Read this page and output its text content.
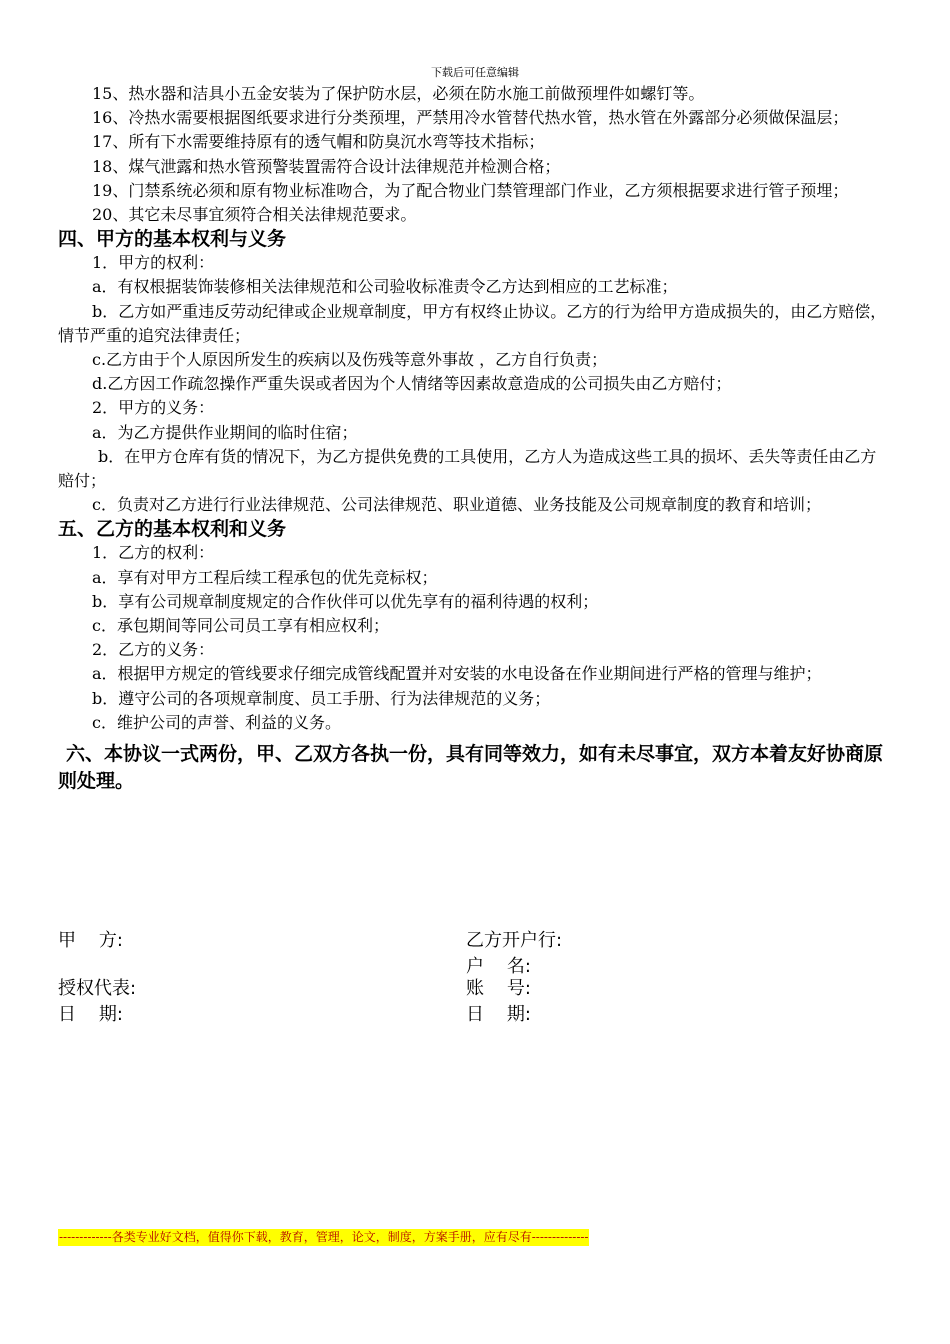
下载后可任意编辑

15、热水器和洁具小五金安装为了保护防水层，必须在防水施工前做预埋件如螺钉等。

16、冷热水需要根据图纸要求进行分类预埋，严禁用冷水管替代热水管，热水管在外露部分必须做保温层；

17、所有下水需要维持原有的透气帽和防臭沉水弯等技术指标；

18、煤气泄露和热水管预警装置需符合设计法律规范并检测合格；

19、门禁系统必须和原有物业标准吻合，为了配合物业门禁管理部门作业，乙方须根据要求进行管子预埋；

20、其它未尽事宜须符合相关法律规范要求。

四、甲方的基本权利与义务

1．甲方的权利：

a．有权根据装饰装修相关法律规范和公司验收标准责令乙方达到相应的工艺标准；

b．乙方如严重违反劳动纪律或企业规章制度，甲方有权终止协议。乙方的行为给甲方造成损失的，由乙方赔偿，情节严重的追究法律责任；

c.乙方由于个人原因所发生的疾病以及伤残等意外事故 ，乙方自行负责；

d.乙方因工作疏忽操作严重失误或者因为个人情绪等因素故意造成的公司损失由乙方赔付；

2．甲方的义务：

a．为乙方提供作业期间的临时住宿；

b．在甲方仓库有货的情况下，为乙方提供免费的工具使用，乙方人为造成这些工具的损坏、丢失等责任由乙方赔付；

c．负责对乙方进行行业法律规范、公司法律规范、职业道德、业务技能及公司规章制度的教育和培训；

五、乙方的基本权利和义务

1．乙方的权利：

a．享有对甲方工程后续工程承包的优先竞标权；

b．享有公司规章制度规定的合作伙伴可以优先享有的福利待遇的权利；

c．承包期间等同公司员工享有相应权利；

2．乙方的义务：

a．根据甲方规定的管线要求仔细完成管线配置并对安装的水电设备在作业期间进行严格的管理与维护；

b．遵守公司的各项规章制度、员工手册、行为法律规范的义务；

c．维护公司的声誉、利益的义务。

六、本协议一式两份，甲、乙双方各执一份，具有同等效力，如有未尽事宜，双方本着友好协商原则处理。

甲    方:
授权代表:
日    期:
乙方开户行:
户    名:
账    号:
日    期:
-------------各类专业好文档，值得你下载，教育，管理，论文，制度，方案手册，应有尽有--------------
